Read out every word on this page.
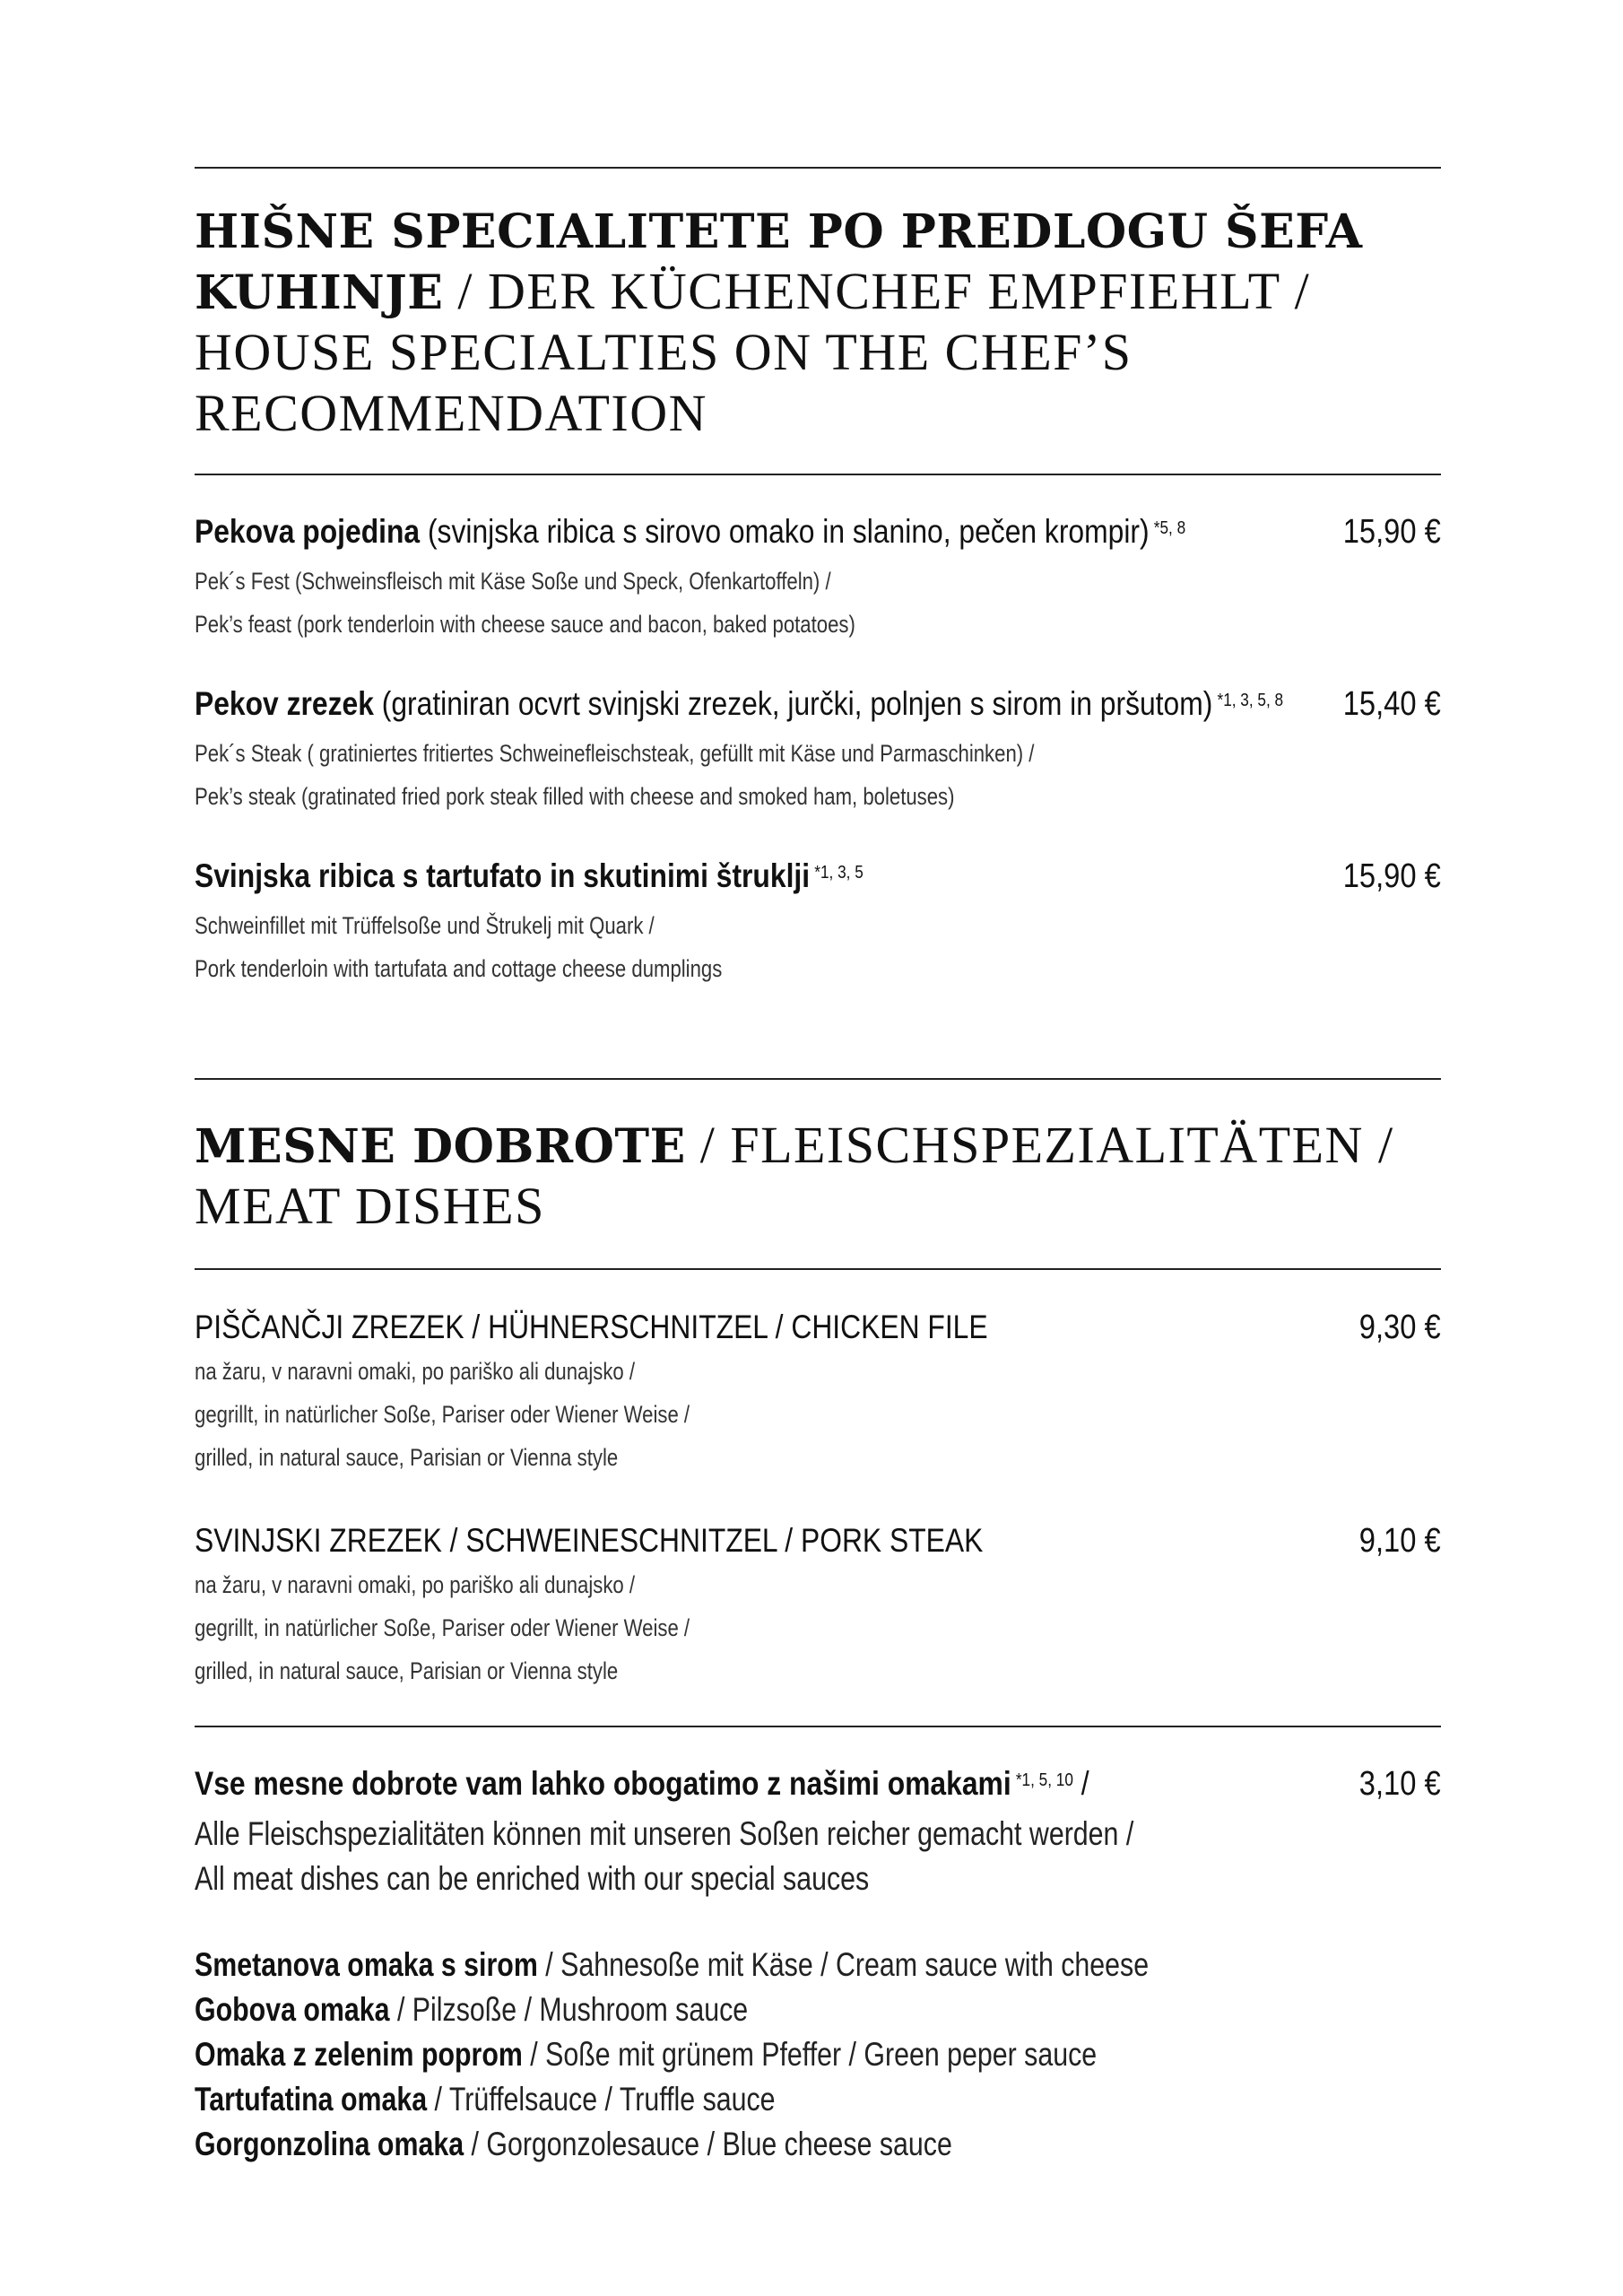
HIŠNE SPECIALITETE PO PREDLOGU ŠEFA
KUHINJE / DER KÜCHENCHEF EMPFIEHLT /
HOUSE SPECIALTIES ON THE CHEF’S
RECOMMENDATION
Pekova pojedina (svinjska ribica s sirovo omako in slanino, pečen krompir) $^{*5, 8}$	15,90 €
Pek´s Fest (Schweinsfleisch mit Käse Soße und Speck, Ofenkartoffeln) /
Pek’s feast (pork tenderloin with cheese sauce and bacon, baked potatoes)
Pekov zrezek (gratiniran ocvrt svinjski zrezek, jurčki, polnjen s sirom in pršutom) $^{*1, 3, 5, 8}$ 15,40 €
Pek´s Steak ( gratiniertes fritiertes Schweinefleischsteak, gefüllt mit Käse und Parmaschinken) /
Pek’s steak (gratinated fried pork steak filled with cheese and smoked ham, boletuses)
Svinjska ribica s tartufato in skutinimi štruklji $^{*1, 3, 5}$	15,90 €
Schweinfillet mit Trüffelsoße und Štrukelj mit Quark /
Pork tenderloin with tartufata and cottage cheese dumplings
MESNE DOBROTE / FLEISCHSPEZIALITÄTEN /
MEAT DISHES
PIŠČANČJI ZREZEK / HÜHNERSCHNITZEL / CHICKEN FILE	9,30 €
na žaru, v naravni omaki, po pariško ali dunajsko /
gegrillt, in natürlicher Soße, Pariser oder Wiener Weise /
grilled, in natural sauce, Parisian or Vienna style
SVINJSKI ZREZEK / SCHWEINESCHNITZEL / PORK STEAK	9,10 €
na žaru, v naravni omaki, po pariško ali dunajsko /
gegrillt, in natürlicher Soße, Pariser oder Wiener Weise /
grilled, in natural sauce, Parisian or Vienna style
Vse mesne dobrote vam lahko obogatimo z našimi omakami $^{*1, 5, 10}$ /	3,10 €
Alle Fleischspezialitäten können mit unseren Soßen reicher gemacht werden /
All meat dishes can be enriched with our special sauces
Smetanova omaka s sirom / Sahnesoße mit Käse / Cream sauce with cheese
Gobova omaka / Pilzsoße / Mushroom sauce
Omaka z zelenim poprom / Soße mit grünem Pfeffer / Green peper sauce
Tartufatina omaka / Trüffelsauce / Truffle sauce
Gorgonzolina omaka / Gorgonzolesauce / Blue cheese sauce
